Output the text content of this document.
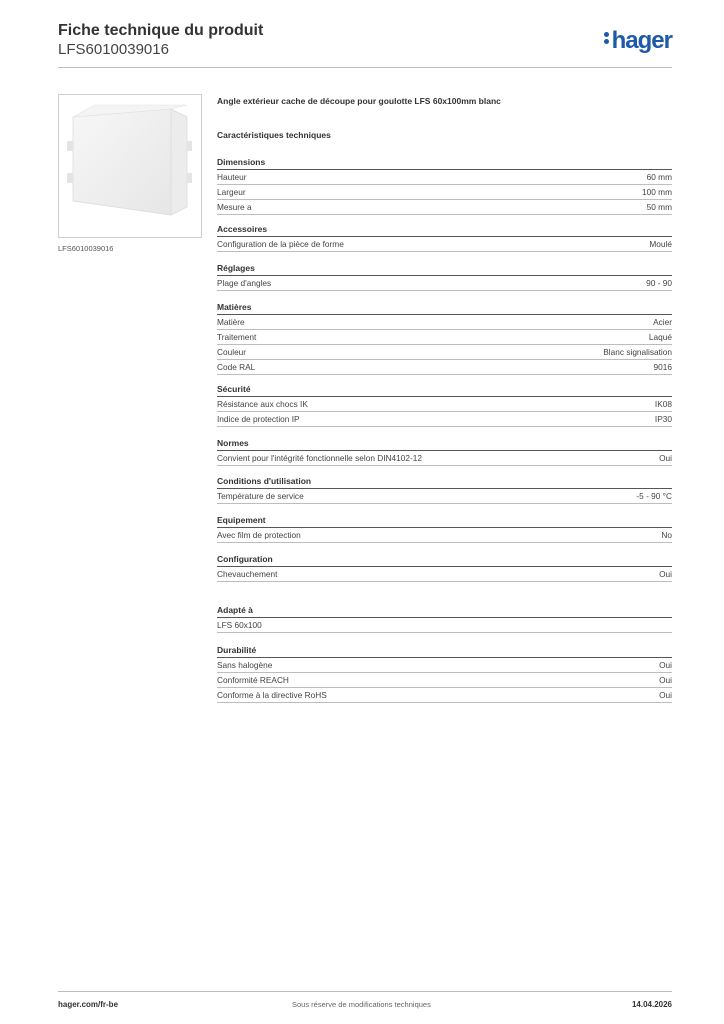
Fiche technique du produit
LFS6010039016	hager
LFS6010039016
Angle extérieur cache de découpe pour goulotte LFS 60x100mm blanc
Caractéristiques techniques
Dimensions
Hauteur	60 mm
Largeur	100 mm
Mesure a	50 mm
Accessoires
Configuration de la pièce de forme	Moulé
Réglages
Plage d'angles	90 - 90
Matières
Matière	Acier
Traitement	Laqué
Couleur	Blanc signalisation
Code RAL	9016
Sécurité
Résistance aux chocs IK	IK08
Indice de protection IP	IP30
Normes
Convient pour l'intégrité fonctionnelle selon DIN4102-12	Oui
Conditions d'utilisation
Température de service	-5 - 90 °C
Equipement
Avec film de protection	No
Configuration
Chevauchement	Oui
Adapté à
LFS 60x100
Durabilité
Sans halogène	Oui
Conformité REACH	Oui
Conforme à la directive RoHS	Oui
hager.com/fr-be	Sous réserve de modifications techniques	14.04.2026
